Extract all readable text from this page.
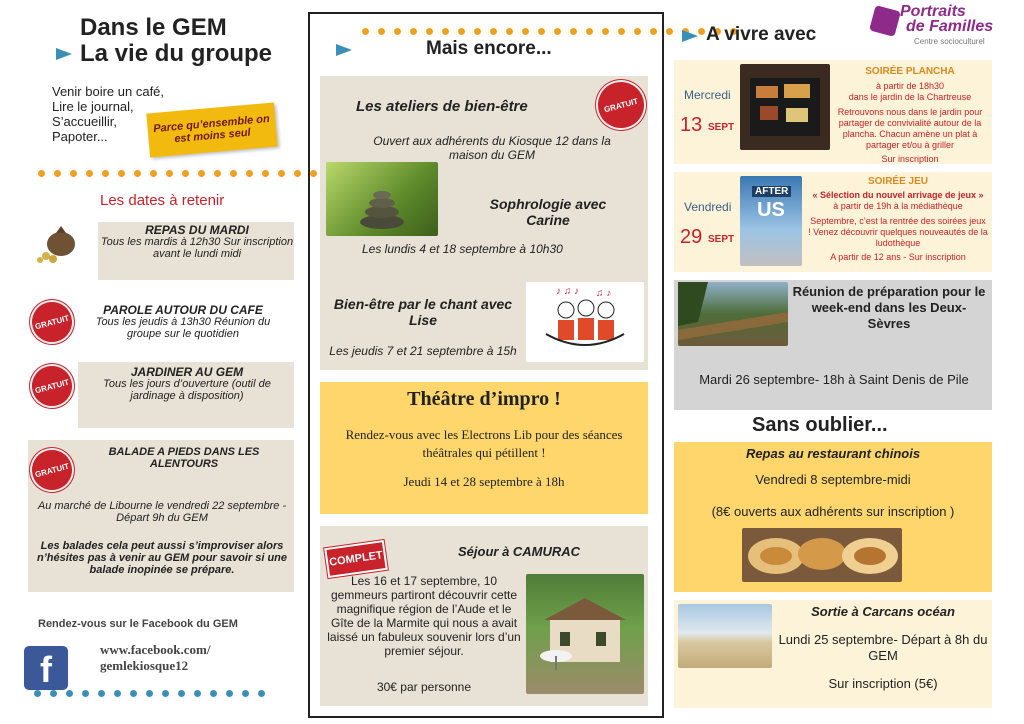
Dans le GEM
La vie du groupe
Venir boire un café,
Lire le journal,
S’accueillir,
Papoter...
Parce qu’ensemble on est moins seul
Les dates à retenir
REPAS DU MARDI
Tous les mardis à 12h30 Sur inscription avant le lundi midi
GRATUIT
PAROLE AUTOUR DU CAFE
Tous les jeudis à 13h30 Réunion du groupe sur le quotidien
GRATUIT
JARDINER AU GEM
Tous les jours d’ouverture (outil de jardinage à disposition)
GRATUIT
BALADE A PIEDS DANS LES ALENTOURS
Au marché de Libourne le vendredi 22 septembre - Départ 9h du GEM
Les balades cela peut aussi s’improviser alors n’hésites pas à venir au GEM pour savoir si une balade inopinée se prépare.
Rendez-vous sur le Facebook du GEM
f	www.facebook.com/
gemlekiosque12
Mais encore...
GRATUIT
Les ateliers de bien-être
Ouvert aux adhérents du Kiosque 12 dans la maison du GEM
Sophrologie avec Carine
Les lundis 4 et 18 septembre à 10h30
Bien-être par le chant avec Lise
Les jeudis 7 et 21 septembre à 15h
♪ ♫ ♪ ♫ ♪
Théâtre d’impro !
Rendez-vous avec les Electrons Lib pour des séances théâtrales qui pétillent !
Jeudi 14 et 28 septembre à 18h
COMPLET	Séjour à CAMURAC
Les 16 et 17 septembre, 10 gemmeurs partiront découvrir cette magnifique région de l’Aude et le Gîte de la Marmite qui nous a avait laissé un fabuleux souvenir lors d’un premier séjour.
30€ par personne
A vivre avec
Portraits
de Familles
Centre socioculturel
Mercredi
13 SEPT
SOIRÉE PLANCHA
à partir de 18h30
dans le jardin de la Chartreuse
Retrouvons nous dans le jardin pour partager de convivialité autour de la plancha. Chacun amène un plat à partager et/ou à griller
Sur inscription
Vendredi
29 SEPT
AFTER
US
SOIRÉE JEU
« Sélection du nouvel arrivage de jeux »
à partir de 19h à la médiathèque
Septembre, c’est la rentrée des soirées jeux ! Venez découvrir quelques nouveautés de la ludothèque
A partir de 12 ans - Sur inscription
Réunion de préparation pour le week-end dans les Deux- Sèvres
Mardi 26 septembre- 18h à Saint Denis de Pile
Sans oublier...
Repas au restaurant chinois
Vendredi 8 septembre-midi
(8€ ouverts aux adhérents sur inscription )
Sortie à Carcans océan
Lundi 25 septembre- Départ à 8h du GEM
Sur inscription (5€)
